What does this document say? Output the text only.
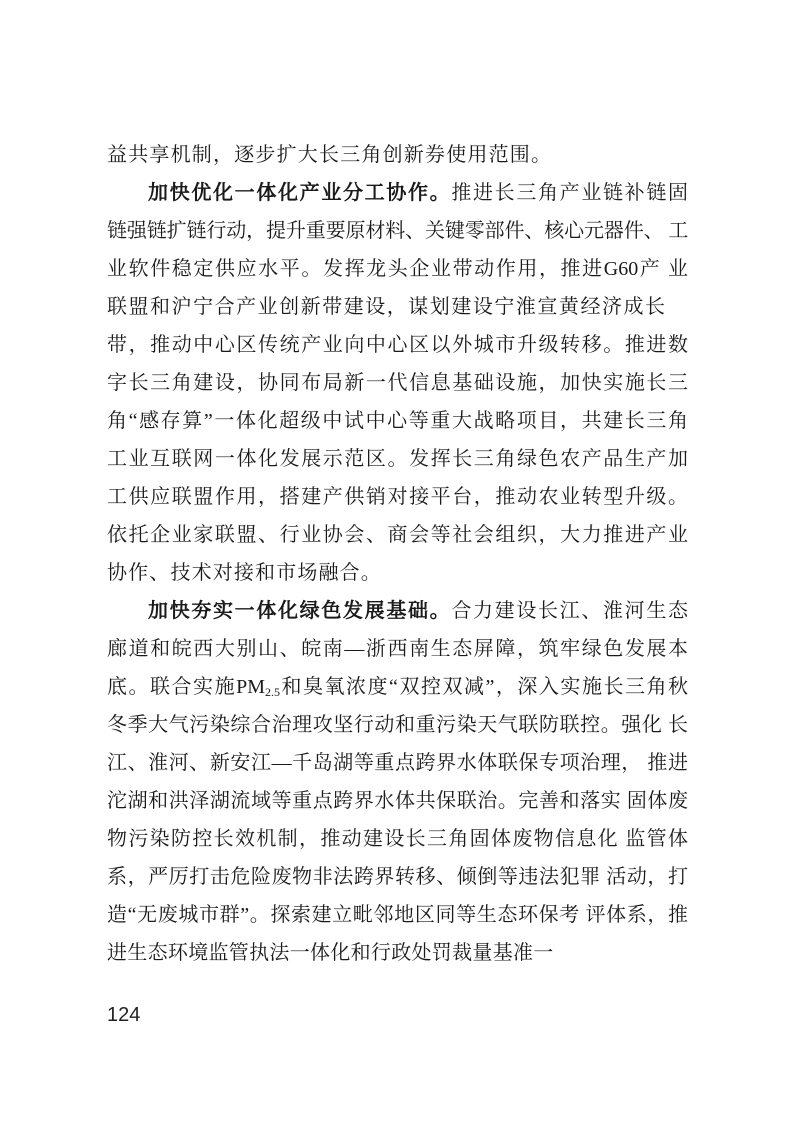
益共享机制，逐步扩大长三角创新券使用范围。
加快优化一体化产业分工协作。推进长三角产业链补链固
链强链扩链行动，提升重要原材料、关键零部件、核心元器件、 工
业软件稳定供应水平。发挥龙头企业带动作用，推进G60产 业
联盟和沪宁合产业创新带建设，谋划建设宁淮宣黄经济成长
带，推动中心区传统产业向中心区以外城市升级转移。推进数
字长三角建设，协同布局新一代信息基础设施，加快实施长三
角“感存算”一体化超级中试中心等重大战略项目，共建长三角
工业互联网一体化发展示范区。发挥长三角绿色农产品生产加
工供应联盟作用，搭建产供销对接平台，推动农业转型升级。
依托企业家联盟、行业协会、商会等社会组织，大力推进产业
协作、技术对接和市场融合。
加快夯实一体化绿色发展基础。合力建设长江、淮河生态
廊道和皖西大别山、皖南—浙西南生态屏障，筑牢绿色发展本
底。联合实施$PM_{2.5}$和臭氧浓度“双控双减”，深入实施长三角秋
冬季大气污染综合治理攻坚行动和重污染天气联防联控。强化 长
江、淮河、新安江—千岛湖等重点跨界水体联保专项治理， 推进
沱湖和洪泽湖流域等重点跨界水体共保联治。完善和落实 固体废
物污染防控长效机制，推动建设长三角固体废物信息化 监管体
系，严厉打击危险废物非法跨界转移、倾倒等违法犯罪 活动，打
造“无废城市群”。探索建立毗邻地区同等生态环保考 评体系，推
进生态环境监管执法一体化和行政处罚裁量基准一
124
